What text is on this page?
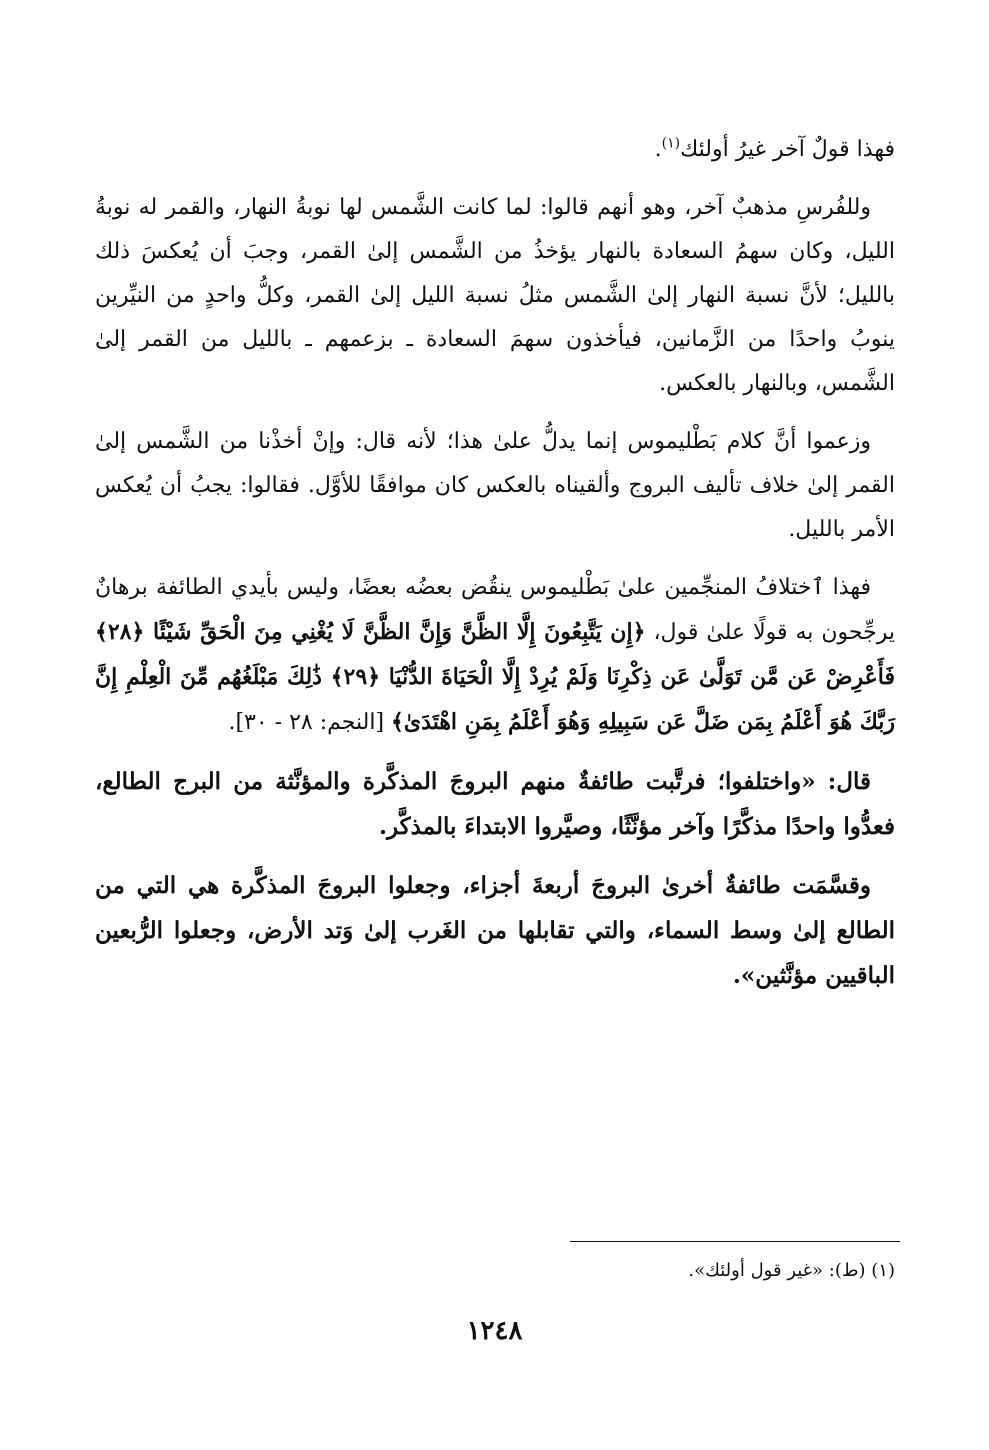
فهذا قولٌ آخر غيرُ أولئك$^{(١)}$.

وللفُرسِ مذهبٌ آخر، وهو أنهم قالوا: لما كانت الشَّمس لها نوبةُ النهار، والقمر له نوبةُ الليل، وكان سهمُ السعادة بالنهار يؤخذُ من الشَّمس إلىٰ القمر، وجبَ أن يُعكسَ ذلك بالليل؛ لأنَّ نسبة النهار إلىٰ الشَّمس مثلُ نسبة الليل إلىٰ القمر، وكلُّ واحدٍ من النيِّرين ينوبُ واحدًا من الزَّمانين، فيأخذون سهمَ السعادة ـ بزعمهم ـ بالليل من القمر إلىٰ الشَّمس، وبالنهار بالعكس.

وزعموا أنَّ كلام بَطْليموس إنما يدلُّ علىٰ هذا؛ لأنه قال: وإنْ أخذْنا من الشَّمس إلىٰ القمر إلىٰ خلاف تأليف البروج وألقيناه بالعكس كان موافقًا للأوَّل. فقالوا: يجبُ أن يُعكس الأمر بالليل.

فهذا ٱختلافُ المنجِّمين علىٰ بَطْليموس ينقُض بعضُه بعضًا، وليس بأيدي الطائفة برهانٌ يرجِّحون به قولًا علىٰ قول، ﴿إِن يَتَّبِعُونَ إِلَّا الظَّنَّ وَإِنَّ الظَّنَّ لَا يُغْنِي مِنَ الْحَقِّ شَيْئًا ﴿٢٨﴾ فَأَعْرِضْ عَن مَّن تَوَلَّىٰ عَن ذِكْرِنَا وَلَمْ يُرِدْ إِلَّا الْحَيَاةَ الدُّنْيَا ﴿٢٩﴾ ذَٰلِكَ مَبْلَغُهُم مِّنَ الْعِلْمِ إِنَّ رَبَّكَ هُوَ أَعْلَمُ بِمَن ضَلَّ عَن سَبِيلِهِ وَهُوَ أَعْلَمُ بِمَنِ اهْتَدَىٰ﴾ [النجم: ٢٨ - ٣٠].

قال: «واختلفوا؛ فرتَّبت طائفةٌ منهم البروجَ المذكَّرة والمؤنَّثة من البرج الطالع، فعدُّوا واحدًا مذكَّرًا وآخر مؤنَّثًا، وصيَّروا الابتداءَ بالمذكَّر.

وقسَّمَت طائفةٌ أخرىٰ البروجَ أربعةَ أجزاء، وجعلوا البروجَ المذكَّرة هي التي من الطالع إلىٰ وسط السماء، والتي تقابلها من الغَرب إلىٰ وَتد الأرض، وجعلوا الرُّبعين الباقيين مؤنَّثين».

(١) (ط): «غير قول أولئك».
١٢٤٨
